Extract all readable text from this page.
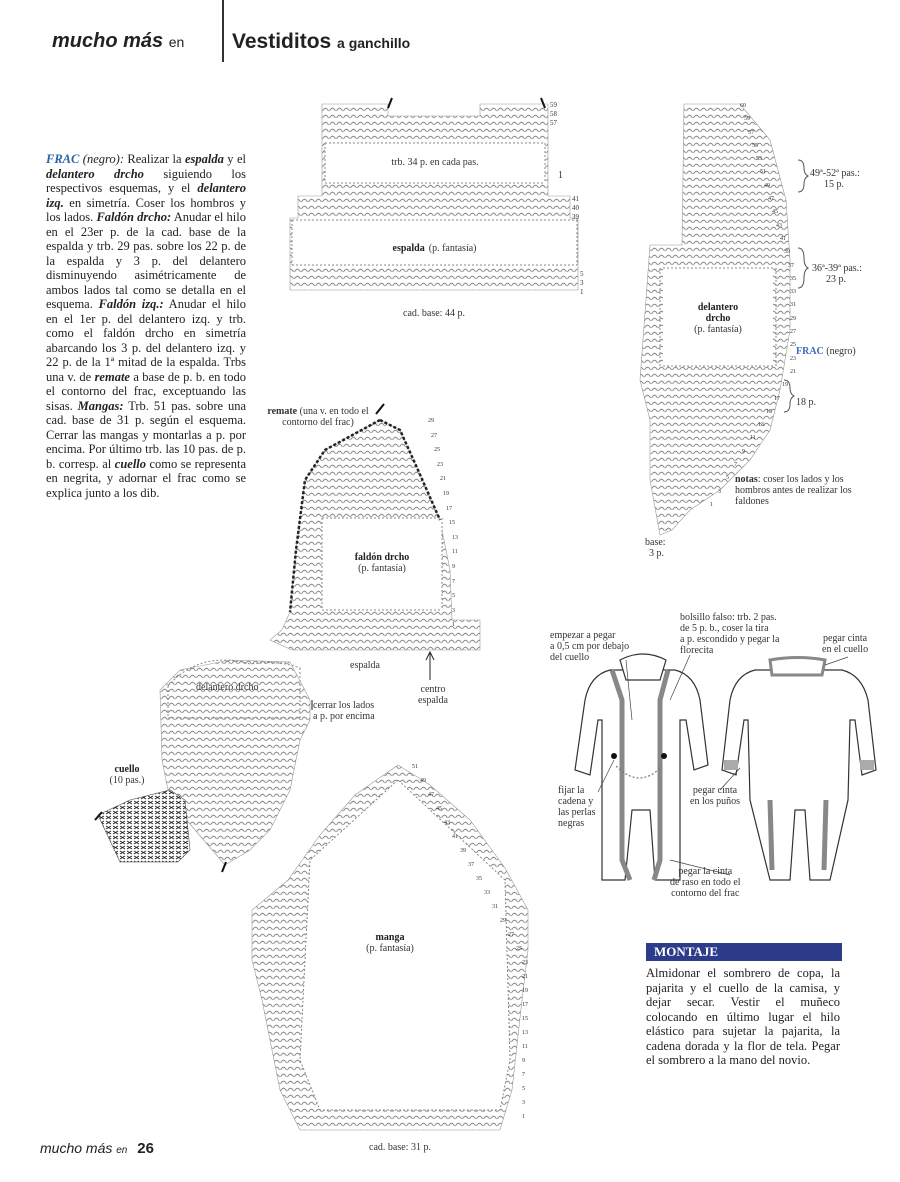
mucho más en Vestiditos a ganchillo
FRAC (negro): Realizar la espalda y el delantero drcho siguiendo los respectivos esquemas, y el delantero izq. en simetría. Coser los hombros y los lados. Faldón drcho: Anudar el hilo en el 23er p. de la cad. base de la espalda y trb. 29 pas. sobre los 22 p. de la espalda y 3 p. del delantero disminuyendo asimétricamente de ambos lados tal como se detalla en el esquema. Faldón izq.: Anudar el hilo en el 1er p. del delantero izq. y trb. como el faldón drcho en simetría abarcando los 3 p. del delantero izq. y 22 p. de la 1ª mitad de la espalda. Trbs una v. de remate a base de p. b. en todo el contorno del frac, exceptuando las sisas. Mangas: Trb. 51 pas. sobre una cad. base de 31 p. según el esquema. Cerrar las mangas y montarlas a p. por encima. Por último trb. las 10 pas. de p. b. corresp. al cuello como se representa en negrita, y adornar el frac como se explica junto a los dib.
trb. 34 p. en cada pas.
1
espalda (p. fantasía)
cad. base: 44 p.
59
58
57
41
40
39
5
3
1
delantero
drcho
(p. fantasía)
49ª-52ª pas.:
15 p.
36ª-39ª pas.:
23 p.
18 p.
FRAC (negro)
notas: coser los lados y los hombros antes de realizar los faldones
base:
3 p.
60
59
57
55
53
51
49
47
45
43
41
39
37
35
33
31
29
27
25
23
21
19
17
15
13
11
9
7
5
3
1
remate (una v. en todo el contorno del frac)
faldón drcho
(p. fantasía)
espalda
centro
espalda
cerrar los lados
a p. por encima
delantero drcho
29
27
25
23
21
19
17
15
13
11
9
7
5
3
1
cuello
(10 pas.)
manga
(p. fantasía)
cad. base: 31 p.
51
49
47
45
43
41
39
37
35
33
31
29
27
25
23
21
19
17
15
13
11
9
7
5
3
1
empezar a pegar
a 0,5 cm por debajo
del cuello
bolsillo falso: trb. 2 pas.
de 5 p. b., coser la tira
a p. escondido y pegar la
florecita
pegar cinta
en el cuello
fijar la
cadena y
las perlas
negras
pegar cinta
en los puños
pegar la cinta
de raso en todo el
contorno del frac
MONTAJE
Almidonar el sombrero de copa, la pajarita y el cuello de la camisa, y dejar secar. Vestir el muñeco colocando en último lugar el hilo elástico para sujetar la pajarita, la cadena dorada y la flor de tela. Pegar el sombrero a la mano del novio.
mucho más en 26
